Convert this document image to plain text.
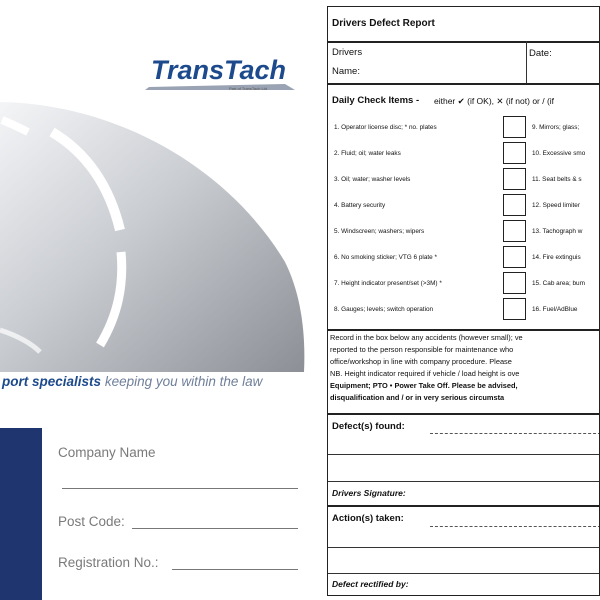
TransTach
Part of TransTach Ltd
port specialists keeping you within the law
Company Name
Post Code:
Registration No.:
Drivers Defect Report
Drivers
Name:
Date:
Daily Check Items - either ✔ (if OK), ✕ (if not) or / (if
1. Operator license disc; * no. plates
2. Fluid; oil; water leaks
3. Oil; water; washer levels
4. Battery security
5. Windscreen; washers; wipers
6. No smoking sticker; VTG 6 plate *
7. Height indicator present/set (>3M) *
8. Gauges; levels; switch operation
9. Mirrors; glass;
10. Excessive smo
11. Seat belts & s
12. Speed limiter
13. Tachograph w
14. Fire extinguis
15. Cab area; bum
16. Fuel/AdBlue
Record in the box below any accidents (however small); ve
reported to the person responsible for maintenance who
office/workshop in line with company procedure. Please
NB. Height indicator required if vehicle / load height is ove
Equipment; PTO • Power Take Off. Please be advised,
disqualification and / or in very serious circumsta
Defect(s) found:
Drivers Signature:
Action(s) taken:
Defect rectified by:
